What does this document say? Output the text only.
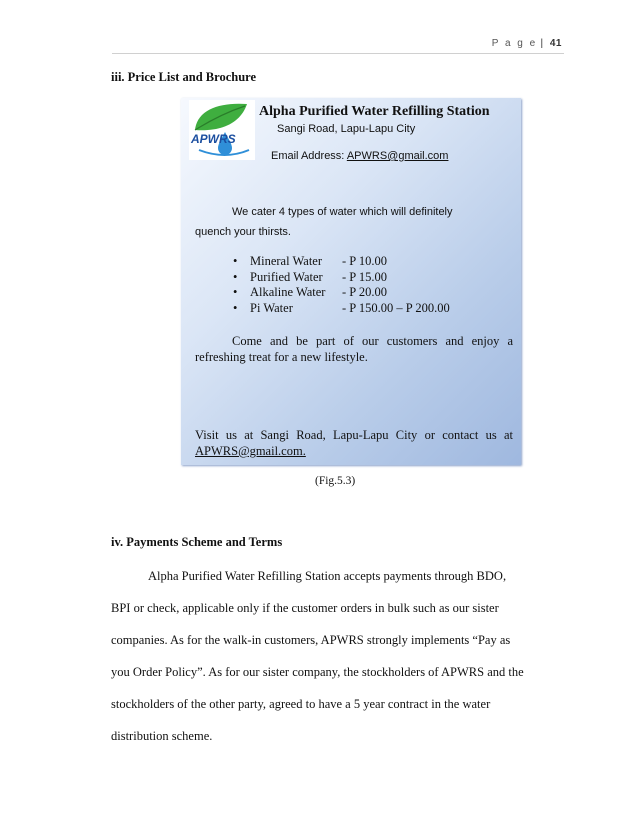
P a g e | 41
iii. Price List and Brochure
APWRS
Alpha Purified Water Refilling Station
Sangi Road, Lapu-Lapu City
Email Address: APWRS@gmail.com
We cater 4 types of water which will definitely
quench your thirsts.
•	Mineral Water	- P 10.00
•	Purified Water	- P 15.00
•	Alkaline Water	- P 20.00
•	Pi Water	- P 150.00 – P 200.00
Come and be part of our customers and enjoy a refreshing treat for a new lifestyle.
Visit us at Sangi Road, Lapu-Lapu City or contact us at APWRS@gmail.com.
(Fig.5.3)
iv. Payments Scheme and Terms
Alpha Purified Water Refilling Station accepts payments through BDO,
BPI or check, applicable only if the customer orders in bulk such as our sister
companies. As for the walk-in customers, APWRS strongly implements “Pay as
you Order Policy”. As for our sister company, the stockholders of APWRS and the
stockholders of the other party, agreed to have a 5 year contract in the water
distribution scheme.
